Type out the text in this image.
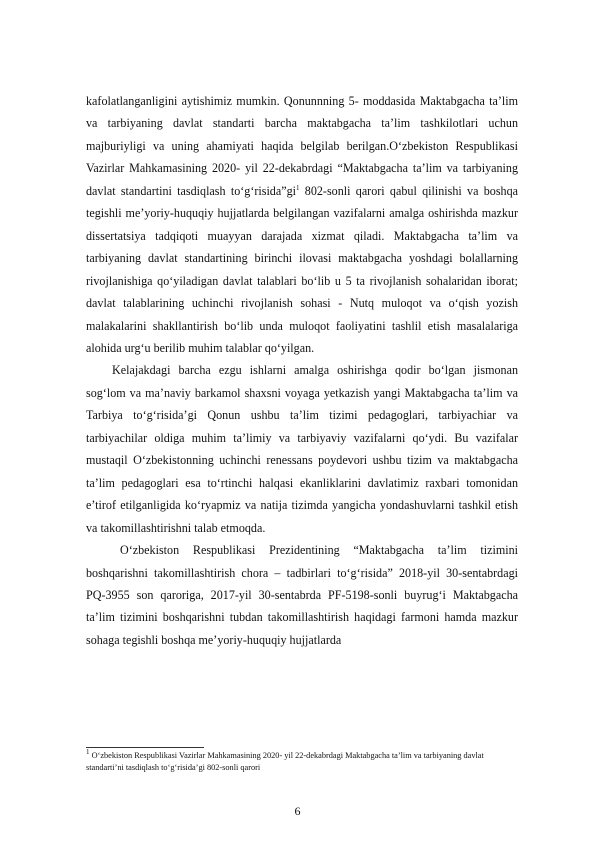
kafolatlanganligini aytishimiz mumkin. Qonunnning 5- moddasida Maktabgacha ta’lim va tarbiyaning davlat standarti barcha maktabgacha ta’lim tashkilotlari uchun majburiyligi va uning ahamiyati haqida belgilab berilgan.O‘zbekiston Respublikasi Vazirlar Mahkamasining 2020- yil 22-dekabrdagi “Maktabgacha ta’lim va tarbiyaning davlat standartini tasdiqlash $to‘g‘risida”gi^1$ 802-sonli qarori qabul qilinishi va boshqa tegishli me’yoriy-huquqiy hujjatlarda belgilangan vazifalarni amalga oshirishda mazkur dissertatsiya tadqiqoti muayyan darajada xizmat qiladi. Maktabgacha ta’lim va tarbiyaning davlat standartining birinchi ilovasi maktabgacha yoshdagi bolallarning rivojlanishiga qo‘yiladigan davlat talablari bo‘lib u 5 ta rivojlanish sohalaridan iborat; davlat talablarining uchinchi rivojlanish sohasi - Nutq muloqot va o‘qish yozish malakalarini shakllantirish bo‘lib unda muloqot faoliyatini tashlil etish masalalariga alohida urg‘u berilib muhim talablar qo‘yilgan.

Kelajakdagi barcha ezgu ishlarni amalga oshirishga qodir bo‘lgan jismonan sog‘lom va ma’naviy barkamol shaxsni voyaga yetkazish yangi Maktabgacha ta’lim va Tarbiya to‘g‘risida’gi Qonun ushbu ta’lim tizimi pedagoglari, tarbiyachiar va tarbiyachilar oldiga muhim ta’limiy va tarbiyaviy vazifalarni qo‘ydi. Bu vazifalar mustaqil O‘zbekistonning uchinchi renessans poydevori ushbu tizim va maktabgacha ta’lim pedagoglari esa to‘rtinchi halqasi ekanliklarini davlatimiz raxbari tomonidan e’tirof etilganligida ko‘ryapmiz va natija tizimda yangicha yondashuvlarni tashkil etish va takomillashtirishni talab etmoqda.

O‘zbekiston Respublikasi Prezidentining “Maktabgacha ta’lim tizimini boshqarishni takomillashtirish chora – tadbirlari to‘g‘risida” 2018-yil 30-sentabrdagi PQ-3955 son qaroriga, 2017-yil 30-sentabrda PF-5198-sonli buyrug‘i Maktabgacha ta’lim tizimini boshqarishni tubdan takomillashtirish haqidagi farmoni hamda mazkur sohaga tegishli boshqa me’yoriy-huquqiy hujjatlarda

$^1$ O‘zbekiston Respublikasi Vazirlar Mahkamasining 2020- yil 22-dekabrdagi Maktabgacha ta’lim va tarbiyaning davlat standarti’ni tasdiqlash to‘g‘risida’gi 802-sonli qarori
6
